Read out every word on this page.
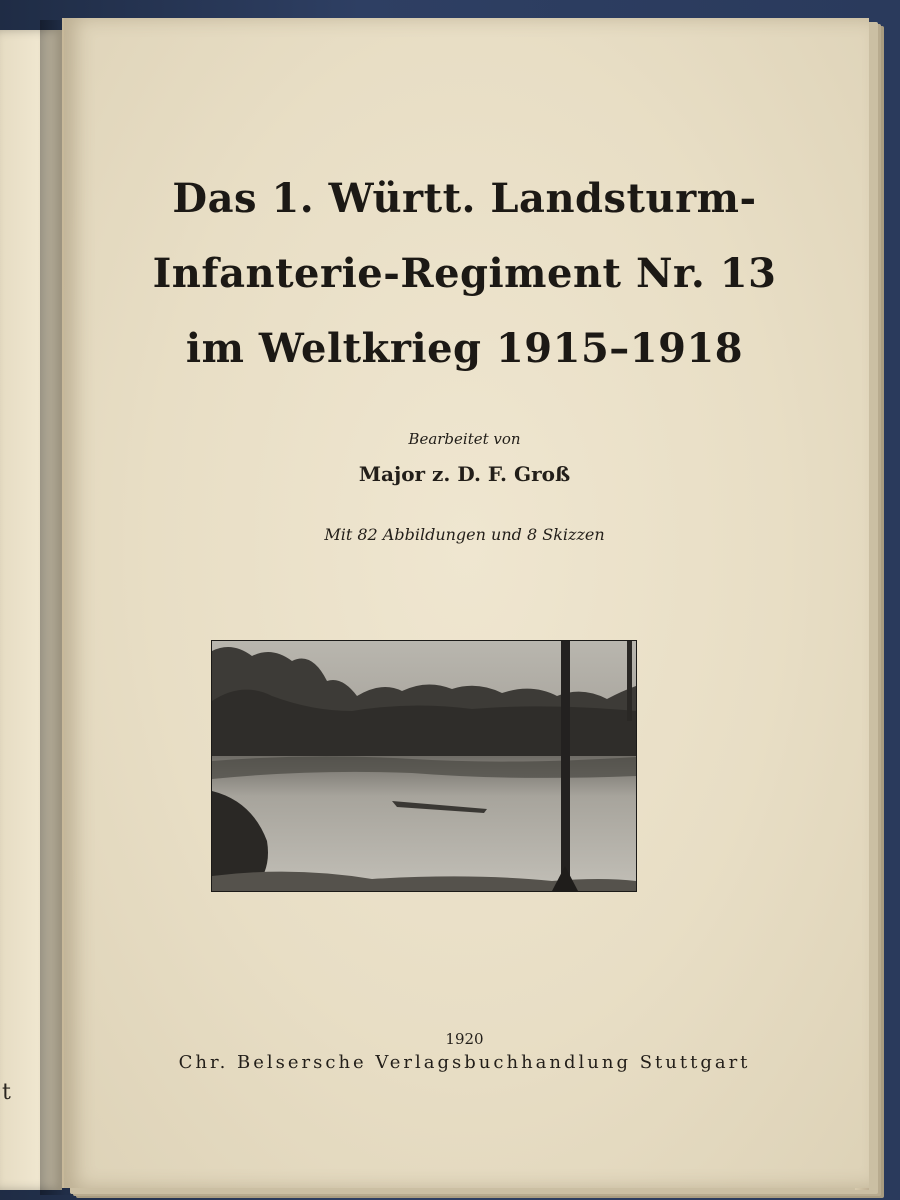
t
Das 1. Württ. Landsturm-
Infanterie-Regiment Nr. 13
im Weltkrieg 1915–1918
Bearbeitet von
Major z. D. F. Groß
Mit 82 Abbildungen und 8 Skizzen
1920
Chr. Belsersche Verlagsbuchhandlung Stuttgart
